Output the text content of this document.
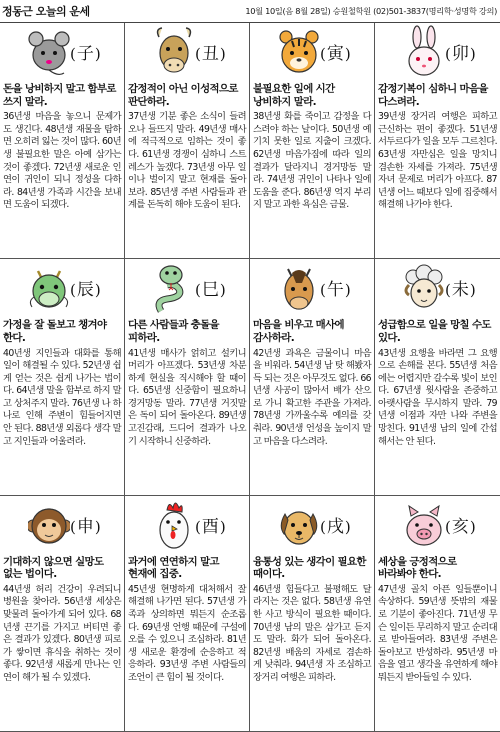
정동근 오늘의 운세	10월 10일(음 8월 28일) 승원철학원 (02)501-3837(명리학·성명학 강의)
(子)
돈을 낭비하지 말고 함부로 쓰지 말라.
36년생 마음을 놓으니 문제가 도 생긴다. 48년생 재물을 탐하면 오히려 잃는 것이 많다. 60년생 불필요한 말은 아예 삼가는 것이 좋겠다. 72년생 새로운 인연이 귀인이 되니 정성을 다하라. 84년생 가족과 시간을 보내면 도움이 되겠다.
(丑)
감정적이 아닌 이성적으로 판단하라.
37년생 기분 좋은 소식이 들려오나 들뜨지 말라. 49년생 매사에 적극적으로 임하는 것이 좋다. 61년생 경쟁이 심하니 스트레스가 높겠다. 73년생 아무 일이나 벌이지 말고 현재를 돌아보라. 85년생 주변 사람들과 관계를 돈독히 해야 도움이 된다.
(寅)
불필요한 일에 시간 낭비하지 말라.
38년생 화를 죽이고 감정을 다스려야 하는 날이다. 50년생 예기치 못한 일로 지출이 크겠다. 62년생 마음가짐에 따라 일의 결과가 달라지니 경거망동 말라. 74년생 귀인이 나타나 일에 도움을 준다. 86년생 억지 부리지 말고 과한 욕심은 금물.
(卯)
감정기복이 심하니 마음을 다스려라.
39년생 장거리 여행은 피하고 근신하는 편이 좋겠다. 51년생 서두르다가 일을 모두 그르친다. 63년생 자만심은 일을 망치니 겸손한 자세를 가져라. 75년생 자녀 문제로 머리가 아프다. 87년생 어느 때보다 일에 집중해서 해결해 나가야 한다.
(辰)
가정을 잘 돌보고 챙겨야 한다.
40년생 지인들과 대화를 통해 일이 해결될 수 있다. 52년생 쉽게 얻는 것은 쉽게 나가는 법이다. 64년생 말을 함부로 하지 말고 상처주지 말라. 76년생 나 하나로 인해 주변이 힘들어지면 안 된다. 88년생 외롭다 생각 말고 지인들과 어울려라.
(巳)
다른 사람들과 충돌을 피하라.
41년생 매사가 얽히고 설키니 머리가 아프겠다. 53년생 차분하게 현실을 직시해야 할 때이다. 65년생 신중함이 필요하니 경거망동 말라. 77년생 거짓말은 독이 되어 돌아온다. 89년생 고진감래, 드디어 결과가 나오기 시작하니 신중하라.
(午)
마음을 비우고 매사에 감사하라.
42년생 과욕은 금물이니 마음을 비워라. 54년생 남 탓 해봤자 득 되는 것은 아무것도 없다. 66년생 사공이 많아서 배가 산으로 가니 확고한 주관을 가져라. 78년생 가까울수록 예의를 갖춰라. 90년생 언성을 높이지 말고 마음을 다스려라.
(未)
성급함으로 일을 망칠 수도 있다.
43년생 요행을 바라면 그 요행으로 손해를 본다. 55년생 처음에는 어렵지만 갈수록 빛이 보인다. 67년생 윗사람을 존중하고 아랫사람을 무시하지 말라. 79년생 이점과 자만 나와 주변을 망친다. 91년생 남의 일에 간섭해서는 안 된다.
(申)
기대하지 않으면 실망도 없는 법이다.
44년생 허리 건강이 우려되니 병원을 찾아라. 56년생 세상은 맞물려 돌아가게 되어 있다. 68년생 끈기를 가지고 버티면 좋은 결과가 있겠다. 80년생 피로가 쌓이면 휴식을 취하는 것이 좋다. 92년생 새롭게 만나는 인연이 해가 될 수 있겠다.
(酉)
과거에 연연하지 말고 현재에 집중.
45년생 현명하게 대처해서 잘 해결해 나가면 된다. 57년생 가족과 상의하면 뭐든지 순조롭다. 69년생 언행 때문에 구설에 오를 수 있으니 조심하라. 81년생 새로운 환경에 순응하고 적응하라. 93년생 주변 사람들의 조언이 큰 힘이 될 것이다.
(戌)
융통성 있는 생각이 필요한 때이다.
46년생 힘들다고 불평해도 달라지는 것은 없다. 58년생 유연한 사고 방식이 필요한 때이다. 70년생 남의 말은 삼가고 듣지도 말라. 화가 되어 돌아온다. 82년생 배움의 자세로 겸손하게 낮춰라. 94년생 자 조심하고 장거리 여행은 피하라.
(亥)
세상을 긍정적으로 바라봐야 한다.
47년생 골치 아픈 일들뿐이니 속상하다. 59년생 뜻밖의 재물로 기분이 좋아진다. 71년생 무슨 일이든 무리하지 말고 순리대로 받아들여라. 83년생 주변은 돌아보고 반성하라. 95년생 마음을 열고 생각을 유연하게 해야 뭐든지 받아들일 수 있다.
